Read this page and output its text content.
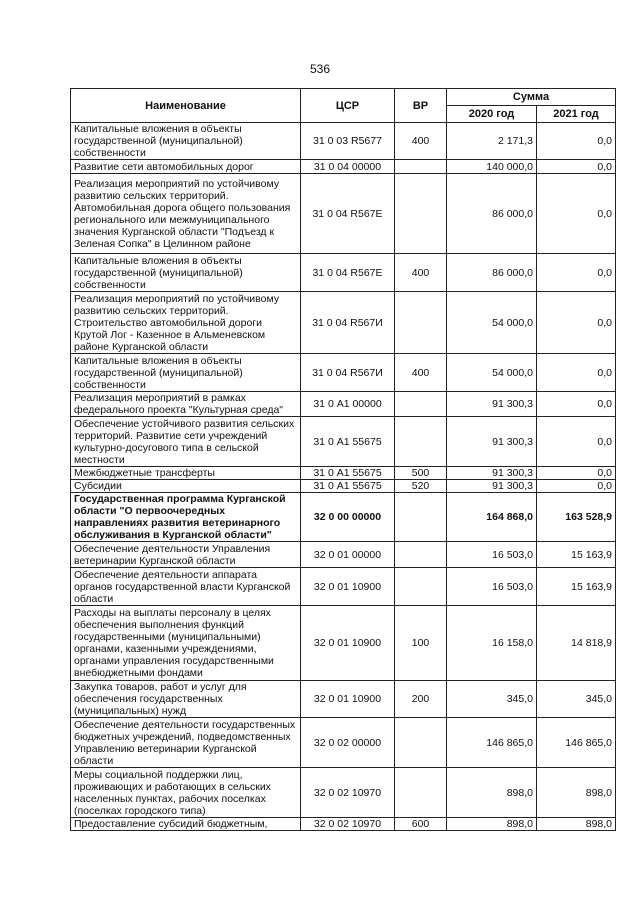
536
Наименование	ЦСР	ВР	Сумма	
			2020 год	2021 год
Капитальные вложения в объекты государственной (муниципальной) собственности	31 0 03 R5677	400	2 171,3	0,0
Развитие сети автомобильных дорог	31 0 04 00000		140 000,0	0,0
Реализация мероприятий по устойчивому развитию сельских территорий. Автомобильная дорога общего пользования регионального или межмуниципального значения Курганской области "Подъезд к Зеленая Сопка" в Целинном районе	31 0 04 R567Е		86 000,0	0,0
Капитальные вложения в объекты государственной (муниципальной) собственности	31 0 04 R567Е	400	86 000,0	0,0
Реализация мероприятий по устойчивому развитию сельских территорий. Строительство автомобильной дороги Крутой Лог - Казенное в Альменевском районе Курганской области	31 0 04 R567И		54 000,0	0,0
Капитальные вложения в объекты государственной (муниципальной) собственности	31 0 04 R567И	400	54 000,0	0,0
Реализация мероприятий в рамках федерального проекта "Культурная среда"	31 0 А1 00000		91 300,3	0,0
Обеспечение устойчивого развития сельских территорий. Развитие сети учреждений культурно-досугового типа в сельской местности	31 0 А1 55675		91 300,3	0,0
Межбюджетные трансферты	31 0 А1 55675	500	91 300,3	0,0
Субсидии	31 0 А1 55675	520	91 300,3	0,0
Государственная программа Курганской области "О первоочередных направлениях развития ветеринарного обслуживания в Курганской области"	32 0 00 00000		164 868,0	163 528,9
Обеспечение деятельности Управления ветеринарии Курганской области	32 0 01 00000		16 503,0	15 163,9
Обеспечение деятельности аппарата органов государственной власти Курганской области	32 0 01 10900		16 503,0	15 163,9
Расходы на выплаты персоналу в целях обеспечения выполнения функций государственными (муниципальными) органами, казенными учреждениями, органами управления государственными внебюджетными фондами	32 0 01 10900	100	16 158,0	14 818,9
Закупка товаров, работ и услуг для обеспечения государственных (муниципальных) нужд	32 0 01 10900	200	345,0	345,0
Обеспечение деятельности государственных бюджетных учреждений, подведомственных Управлению ветеринарии Курганской области	32 0 02 00000		146 865,0	146 865,0
Меры социальной поддержки лиц, проживающих и работающих в сельских населенных пунктах, рабочих поселках (поселках городского типа)	32 0 02 10970		898,0	898,0
Предоставление субсидий бюджетным,	32 0 02 10970	600	898,0	898,0
